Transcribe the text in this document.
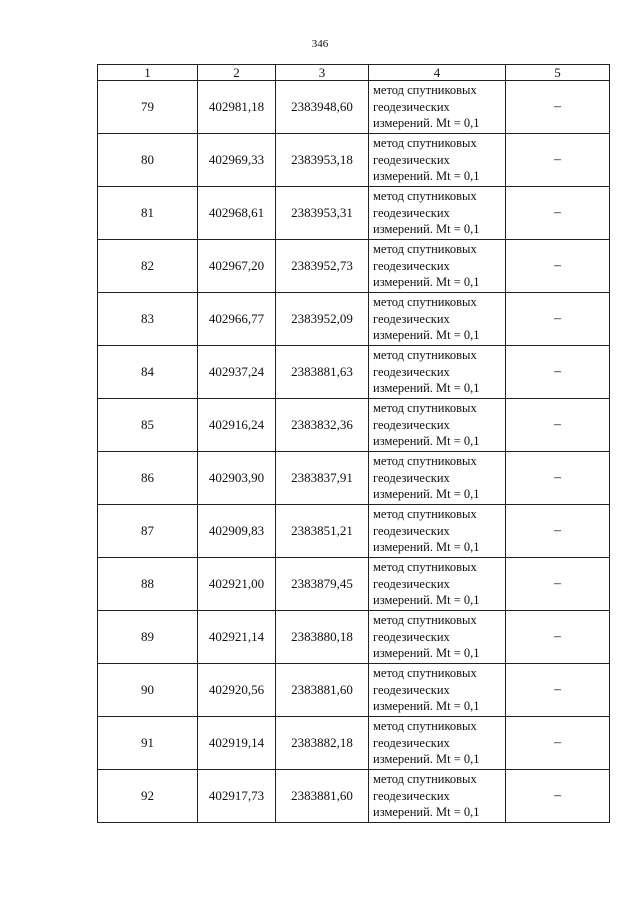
346
1	2	3	4	5
79	402981,18	2383948,60	метод спутниковых
геодезических
измерений. Mt = 0,1	–
80	402969,33	2383953,18	метод спутниковых
геодезических
измерений. Mt = 0,1	–
81	402968,61	2383953,31	метод спутниковых
геодезических
измерений. Mt = 0,1	–
82	402967,20	2383952,73	метод спутниковых
геодезических
измерений. Mt = 0,1	–
83	402966,77	2383952,09	метод спутниковых
геодезических
измерений. Mt = 0,1	–
84	402937,24	2383881,63	метод спутниковых
геодезических
измерений. Mt = 0,1	–
85	402916,24	2383832,36	метод спутниковых
геодезических
измерений. Mt = 0,1	–
86	402903,90	2383837,91	метод спутниковых
геодезических
измерений. Mt = 0,1	–
87	402909,83	2383851,21	метод спутниковых
геодезических
измерений. Mt = 0,1	–
88	402921,00	2383879,45	метод спутниковых
геодезических
измерений. Mt = 0,1	–
89	402921,14	2383880,18	метод спутниковых
геодезических
измерений. Mt = 0,1	–
90	402920,56	2383881,60	метод спутниковых
геодезических
измерений. Mt = 0,1	–
91	402919,14	2383882,18	метод спутниковых
геодезических
измерений. Mt = 0,1	–
92	402917,73	2383881,60	метод спутниковых
геодезических
измерений. Mt = 0,1	–
